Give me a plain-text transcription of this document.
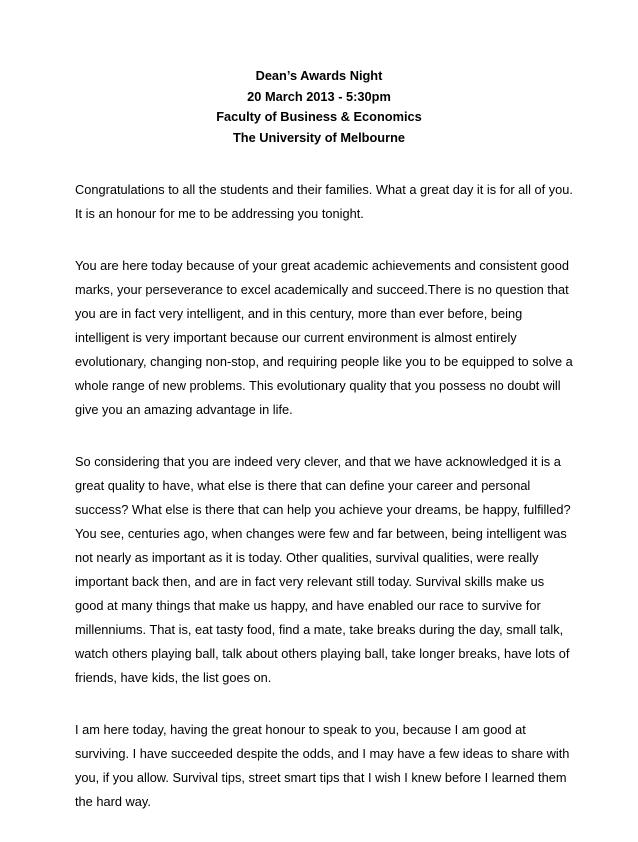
Dean’s Awards Night
20 March 2013 - 5:30pm
Faculty of Business & Economics
The University of Melbourne
Congratulations to all the students and their families. What a great day it is for all of you.
It is an honour for me to be addressing you tonight.
You are here today because of your great academic achievements and consistent good
marks, your perseverance to excel academically and succeed.There is no question that
you are in fact very intelligent, and in this century, more than ever before, being
intelligent is very important because our current environment is almost entirely
evolutionary, changing non-stop, and requiring people like you to be equipped to solve a
whole range of new problems. This evolutionary quality that you possess no doubt will
give you an amazing advantage in life.
So considering that you are indeed very clever, and that we have acknowledged it is a
great quality to have, what else is there that can define your career and personal
success? What else is there that can help you achieve your dreams, be happy, fulfilled?
You see, centuries ago, when changes were few and far between, being intelligent was
not nearly as important as it is today. Other qualities, survival qualities, were really
important back then, and are in fact very relevant still today. Survival skills make us
good at many things that make us happy, and have enabled our race to survive for
millenniums. That is, eat tasty food, find a mate, take breaks during the day, small talk,
watch others playing ball, talk about others playing ball, take longer breaks, have lots of
friends, have kids, the list goes on.
I am here today, having the great honour to speak to you, because I am good at
surviving. I have succeeded despite the odds, and I may have a few ideas to share with
you, if you allow. Survival tips, street smart tips that I wish I knew before I learned them
the hard way.
